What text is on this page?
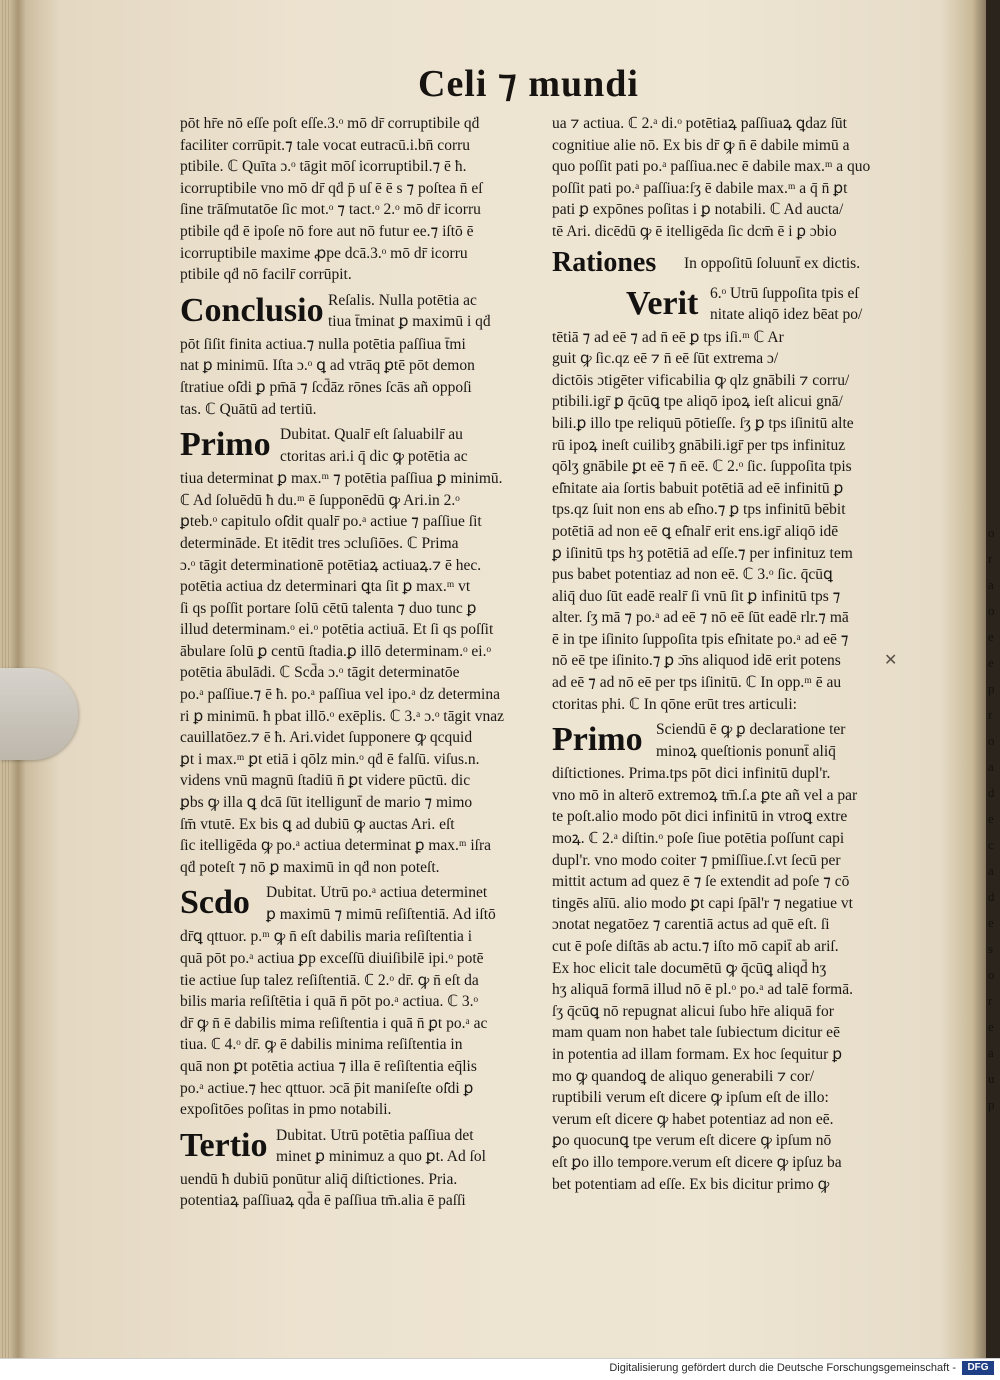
o
r
a
o
e
e
p
r
o
a
d
e
c
a
d
e
s
o
r
e
a
u
p
Celi ⁊ mundi
pōt hr̄e nō eſſe poſt eſſe.3.ᵒ mō dr̄ corruptibile qḋ
faciliter corrūpit.⁊ tale vocat eutracū.i.bn̄ corru
ptibile. ℂ Quīta ɔ.ᵒ tāgit mōſ icorruptibil.⁊ ē ħ.
icorruptibile vno mō dr̄ qḋ p̄ uſ ē ē s ⁊ poſtea n̄ eſ
ſine trāſmutatōe ſic mot.ᵒ ⁊ tact.ᵒ 2.ᵒ mō dr̄ icorru
ptibile qḋ ē ipoſe nō fore aut nō futur ee.⁊ iſtō ē
icorruptibile maxime ꝓpe dcā.3.ᵒ mō dr̄ icorru
ptibile qḋ nō facilr̄ corrūpit.
Conclusio Reſalis. Nulla potētia ac
tiua t̄minat ꝑ maximū i qḋ
pōt ſiſit finita actiua.⁊ nulla potētia paſſiua t̄mi
nat ꝑ minimū. Iſta ɔ.ᵒ ꝗ ad vtrāq ꝑtē pōt demon
ſtratiue oſ̄di ꝑ pm̄ā ⁊ ſcd̄āz rōnes ſcās añ oppoſi
tas. ℂ Quātū ad tertiū.
Primo Dubitat. Qualr̄ eſt ſaluabilr̄ au
ctoritas ari.i q̄ dic ꝙ potētia ac
tiua determinat ꝑ max.ᵐ ⁊ potētia paſſiua ꝑ minimū.
ℂ Ad ſoluēdū ħ du.ᵐ ē ſupponēdū ꝙ Ari.in 2.ᵒ
ꝑteb.ᵒ capitulo oſ̄dit qualr̄ po.ᵃ actiue ⁊ paſſiue ſit
determināde. Et itēdit tres ɔcluſiōes. ℂ Prima
ɔ.ᵒ tāgit determinationē potētiaꝝ actiuaꝝ.⁊ ē hec.
potētia actiua dz determinari ꝗta ſit ꝑ max.ᵐ vt
ſi qs poſſit portare ſolū cētū talenta ⁊ duo tunc ꝑ
illud determinam.ᵒ ei.ᵒ potētia actiuā. Et ſi qs poſſit
ābulare ſolū ꝑ centū ſtadia.ꝑ illō determinam.ᵒ ei.ᵒ
potētia ābulādi. ℂ Scd̄a ɔ.ᵒ tāgit determinatōe
po.ᵃ paſſiue.⁊ ē ħ. po.ᵃ paſſiua vel ipo.ᵃ dz determina
ri ꝑ minimū. ħ pbat illō.ᵒ exēplis. ℂ 3.ᵃ ɔ.ᵒ tāgit vnaz
cauillatōez.⁊ ē ħ. Ari.videt ſupponere ꝙ qcquid
ꝑt i max.ᵐ ꝑt etiā i qōlz min.ᵒ qḋ ē falſū. viſus.n.
videns vnū magnū ſtadiū n̄ ꝑt videre pūctū. dic
ꝑbs ꝙ illa ꝗ dcā ſūt itelligunt̄ de mario ⁊ mimo
ſm̄ vtutē. Ex bis ꝗ ad dubiū ꝙ auctas Ari. eſt
ſic itelligēda ꝙ po.ᵃ actiua determinat ꝑ max.ᵐ iſra
qḋ poteſt ⁊ nō ꝑ maximū in qḋ non poteſt.
Scdo Dubitat. Utrū po.ᵃ actiua determinet
ꝑ maximū ⁊ mimū reſiſtentiā. Ad iſtō
dr̄ꝗ qttuor. p.ᵐ ꝙ n̄ eſt dabilis maria reſiſtentia i
quā pōt po.ᵃ actiua ꝑp exceſſū diuiſibilē ipi.ᵒ potē
tie actiue ſup talez reſiſtentiā. ℂ 2.ᵒ dr̄. ꝙ n̄ eſt da
bilis maria reſiſtētia i quā n̄ pōt po.ᵃ actiua. ℂ 3.ᵒ
dr̄ ꝙ n̄ ē dabilis mima reſiſtentia i quā n̄ ꝑt po.ᵃ ac
tiua. ℂ 4.ᵒ dr̄. ꝙ ē dabilis minima reſiſtentia in
quā non ꝑt potētia actiua ⁊ illa ē reſiſtentia eq̄lis
po.ᵃ actiue.⁊ hec qttuor. ɔcā p̄it maniſeſte oſ̄di ꝑ
expoſitōes poſitas in pmo notabili.
Tertio Dubitat. Utrū potētia paſſiua det
minet ꝑ minimuz a quo ꝑt. Ad ſol
uendū ħ dubiū ponūtur aliq̄ diſtictiones. Pria.
potentiaꝝ paſſiuaꝝ qd̄a ē paſſiua tm̄.alia ē paſſi
ua ⁊ actiua. ℂ 2.ᵃ di.ᵒ potētiaꝝ paſſiuaꝝ ꝗdaz ſūt
cognitiue alie nō. Ex bis dr̄ ꝙ n̄ ē dabile mimū a
quo poſſit pati po.ᵃ paſſiua.nec ē dabile max.ᵐ a quo
poſſit pati po.ᵃ paſſiua:ſʒ ē dabile max.ᵐ a q̄ n̄ ꝑt
pati ꝑ expōnes poſitas i ꝑ notabili. ℂ Ad aucta/
tē Ari. dicēdū ꝙ ē itelligēda ſic dcm̄ ē i ꝑ ɔbio
Rationes In oppoſitū ſoluunt̄ ex dictis.
Verit 6.ᵒ Utrū ſuppoſita tpis eſ
nitate aliqō idez bēat po/
tētiā ⁊ ad eē ⁊ ad n̄ eē ꝑ tps iſi.ᵐ ℂ Ar
guit ꝙ ſic.qz eē ⁊ n̄ eē ſūt extrema ɔ/
dictōis ɔtigēter vificabilia ꝙ qlz gnābili ⁊ corru/
ptibili.igr̄ ꝑ q̄cūꝗ tpe aliqō ipoꝝ ieſt alicui gnā/
bili.ꝑ illo tpe reliquū pōtieſſe. ſʒ ꝑ tps iſinitū alte
rū ipoꝝ ineſt cuilibʒ gnābili.igr̄ per tps infinituz
qōlʒ gnābile ꝑt eē ⁊ n̄ eē. ℂ 2.ᵒ ſic. ſuppoſita tpis
eſ̄nitate aia ſortis babuit potētiā ad eē infinitū ꝑ
tps.qz ſuit non ens ab eſ̄no.⁊ ꝑ tps infinitū bēbit
potētiā ad non eē ꝗ eſ̄nalr̄ erit ens.igr̄ aliqō idē
ꝑ iſinitū tps hʒ potētiā ad eſſe.⁊ per infinituz tem
pus babet potentiaz ad non eē. ℂ 3.ᵒ ſic. q̄cūꝗ
aliq̄ duo ſūt eadē realr̄ ſi vnū ſit ꝑ infinitū tps ⁊
alter. ſʒ mā ⁊ po.ᵃ ad eē ⁊ nō eē ſūt eadē rlr.⁊ mā
ē in tpe iſinito ſuppoſita tpis eſ̄nitate po.ᵃ ad eē ⁊
nō eē tpe iſinito.⁊ ꝑ ɔ̄ns aliquod idē erit potens
ad eē ⁊ ad nō eē per tps iſinitū. ℂ In opp.ᵐ ē au
ctoritas phi. ℂ In qōne erūt tres articuli:
Primo Sciendū ē ꝙ ꝑ declaratione ter
minoꝝ queſtionis ponunt̄ aliq̄
diſtictiones. Prima.tps pōt dici infinitū dupl'r.
vno mō in alterō extremoꝝ tm̄.ſ.a ꝑte añ vel a par
te poſt.alio modo pōt dici infinitū in vtroꝗ extre
moꝝ. ℂ 2.ᵃ diſtin.ᵒ poſe ſiue potētia poſſunt capi
dupl'r. vno modo coiter ⁊ pmiſſiue.ſ.vt ſecū per
mittit actum ad quez ē ⁊ ſe extendit ad poſe ⁊ cō
tingēs alīū. alio modo ꝑt capi ſpāl'r ⁊ negatiue vt
ɔnotat negatōez ⁊ carentiā actus ad quē eſt. ſi
cut ē poſe diſtās ab actu.⁊ iſto mō capit̄ ab ariſ.
Ex hoc elicit tale documētū ꝙ q̄cūꝗ aliqd̄ hʒ
hʒ aliquā formā illud nō ē pl.ᵒ po.ᵃ ad talē formā.
ſʒ q̄cūꝗ nō repugnat alicui ſubo hr̄e aliquā for
mam quam non habet tale ſubiectum dicitur eē
in potentia ad illam formam. Ex hoc ſequitur ꝑ
mo ꝙ quandoꝗ de aliquo generabili ⁊ cor/
ruptibili verum eſt dicere ꝙ ipſum eſt de illo:
verum eſt dicere ꝙ habet potentiaz ad non eē.
ꝑo quocunꝗ tpe verum eſt dicere ꝙ ipſum nō
eſt ꝑo illo tempore.verum eſt dicere ꝙ ipſuz ba
bet potentiam ad eſſe. Ex bis dicitur primo ꝙ
✕
Digitalisierung gefördert durch die Deutsche Forschungsgemeinschaft -	DFG
